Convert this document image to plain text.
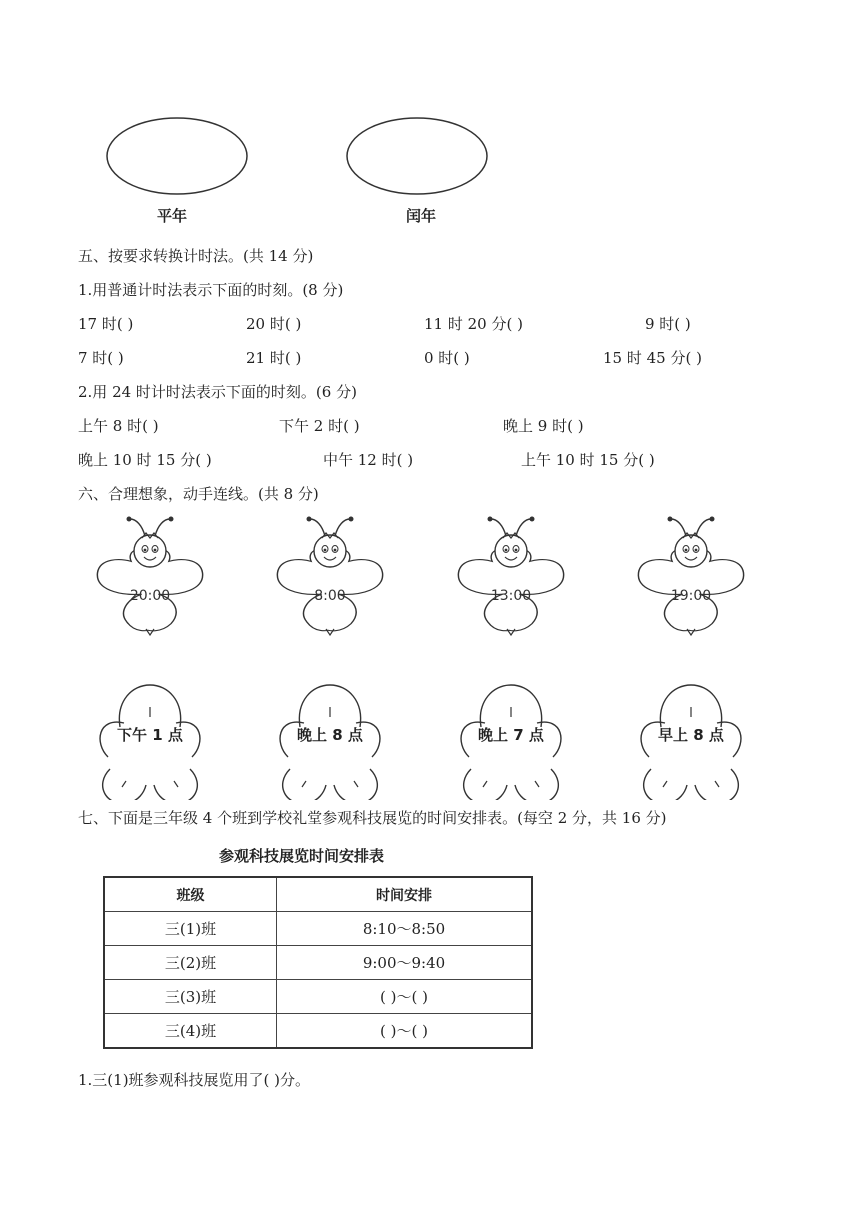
平年	闰年
五、按要求转换计时法。(共 14 分)
1.用普通计时法表示下面的时刻。(8 分)
17 时( )	20 时( )	11 时 20 分( )	9 时( )
7 时( )	21 时( )	0 时( )	15 时 45 分( )
2.用 24 时计时法表示下面的时刻。(6 分)
上午 8 时( )	下午 2 时( )	晚上 9 时( )
晚上 10 时 15 分( )	中午 12 时( )	上午 10 时 15 分( )
六、合理想象，动手连线。(共 8 分)
20:00	8:00	13:00	19:00
下午 1 点	晚上 8 点	晚上 7 点	早上 8 点
七、下面是三年级 4 个班到学校礼堂参观科技展览的时间安排表。(每空 2 分，共 16 分)
参观科技展览时间安排表
班级	时间安排
三(1)班	8:10～8:50
三(2)班	9:00～9:40
三(3)班	( )～( )
三(4)班	( )～( )
1.三(1)班参观科技展览用了( )分。
